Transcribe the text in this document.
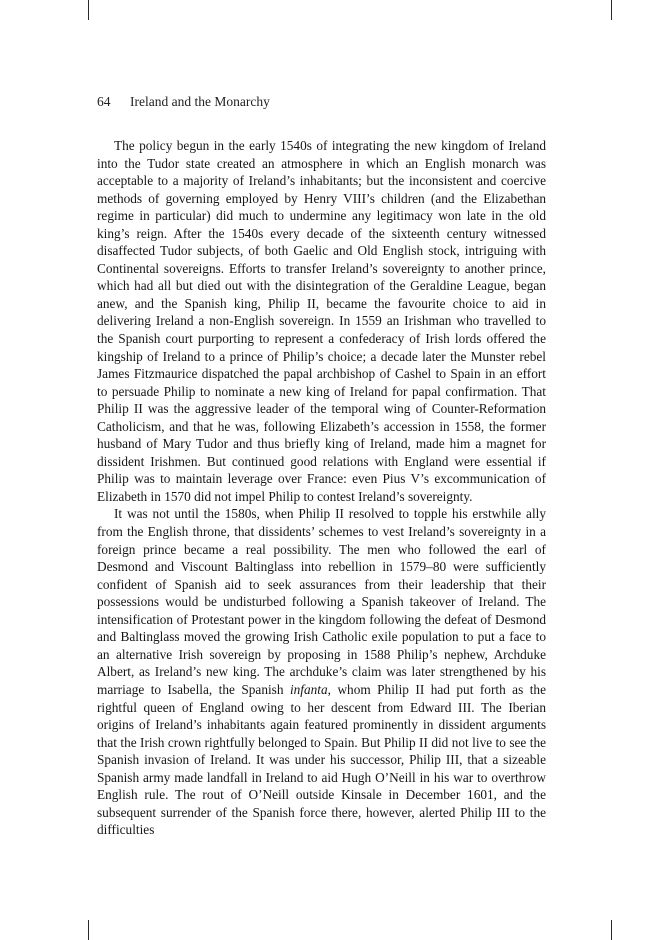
64 Ireland and the Monarchy

The policy begun in the early 1540s of integrating the new kingdom of Ireland into the Tudor state created an atmosphere in which an English monarch was acceptable to a majority of Ireland’s inhabitants; but the inconsistent and coercive methods of governing employed by Henry VIII’s children (and the Elizabethan regime in particular) did much to undermine any legitimacy won late in the old king’s reign. After the 1540s every decade of the sixteenth century witnessed disaffected Tudor subjects, of both Gaelic and Old English stock, intriguing with Continental sovereigns. Efforts to transfer Ireland’s sovereignty to another prince, which had all but died out with the disintegration of the Geraldine League, began anew, and the Spanish king, Philip II, became the favourite choice to aid in delivering Ireland a non-English sovereign. In 1559 an Irishman who travelled to the Spanish court purporting to represent a confederacy of Irish lords offered the kingship of Ireland to a prince of Philip’s choice; a decade later the Munster rebel James Fitzmaurice dispatched the papal archbishop of Cashel to Spain in an effort to persuade Philip to nominate a new king of Ireland for papal confirmation. That Philip II was the aggressive leader of the temporal wing of Counter-Reformation Catholicism, and that he was, following Elizabeth’s accession in 1558, the former husband of Mary Tudor and thus briefly king of Ireland, made him a magnet for dissident Irishmen. But continued good relations with England were essential if Philip was to maintain leverage over France: even Pius V’s excommunication of Elizabeth in 1570 did not impel Philip to contest Ireland’s sovereignty.

It was not until the 1580s, when Philip II resolved to topple his erstwhile ally from the English throne, that dissidents’ schemes to vest Ireland’s sovereignty in a foreign prince became a real possibility. The men who followed the earl of Desmond and Viscount Baltinglass into rebellion in 1579–80 were sufficiently confident of Spanish aid to seek assurances from their leadership that their possessions would be undisturbed following a Spanish takeover of Ireland. The intensification of Protestant power in the kingdom following the defeat of Desmond and Baltinglass moved the growing Irish Catholic exile population to put a face to an alternative Irish sovereign by proposing in 1588 Philip’s nephew, Archduke Albert, as Ireland’s new king. The archduke’s claim was later strengthened by his marriage to Isabella, the Spanish infanta, whom Philip II had put forth as the rightful queen of England owing to her descent from Edward III. The Iberian origins of Ireland’s inhabitants again featured prominently in dissident arguments that the Irish crown rightfully belonged to Spain. But Philip II did not live to see the Spanish invasion of Ireland. It was under his successor, Philip III, that a sizeable Spanish army made landfall in Ireland to aid Hugh O’Neill in his war to overthrow English rule. The rout of O’Neill outside Kinsale in December 1601, and the subsequent surrender of the Spanish force there, however, alerted Philip III to the difficulties
